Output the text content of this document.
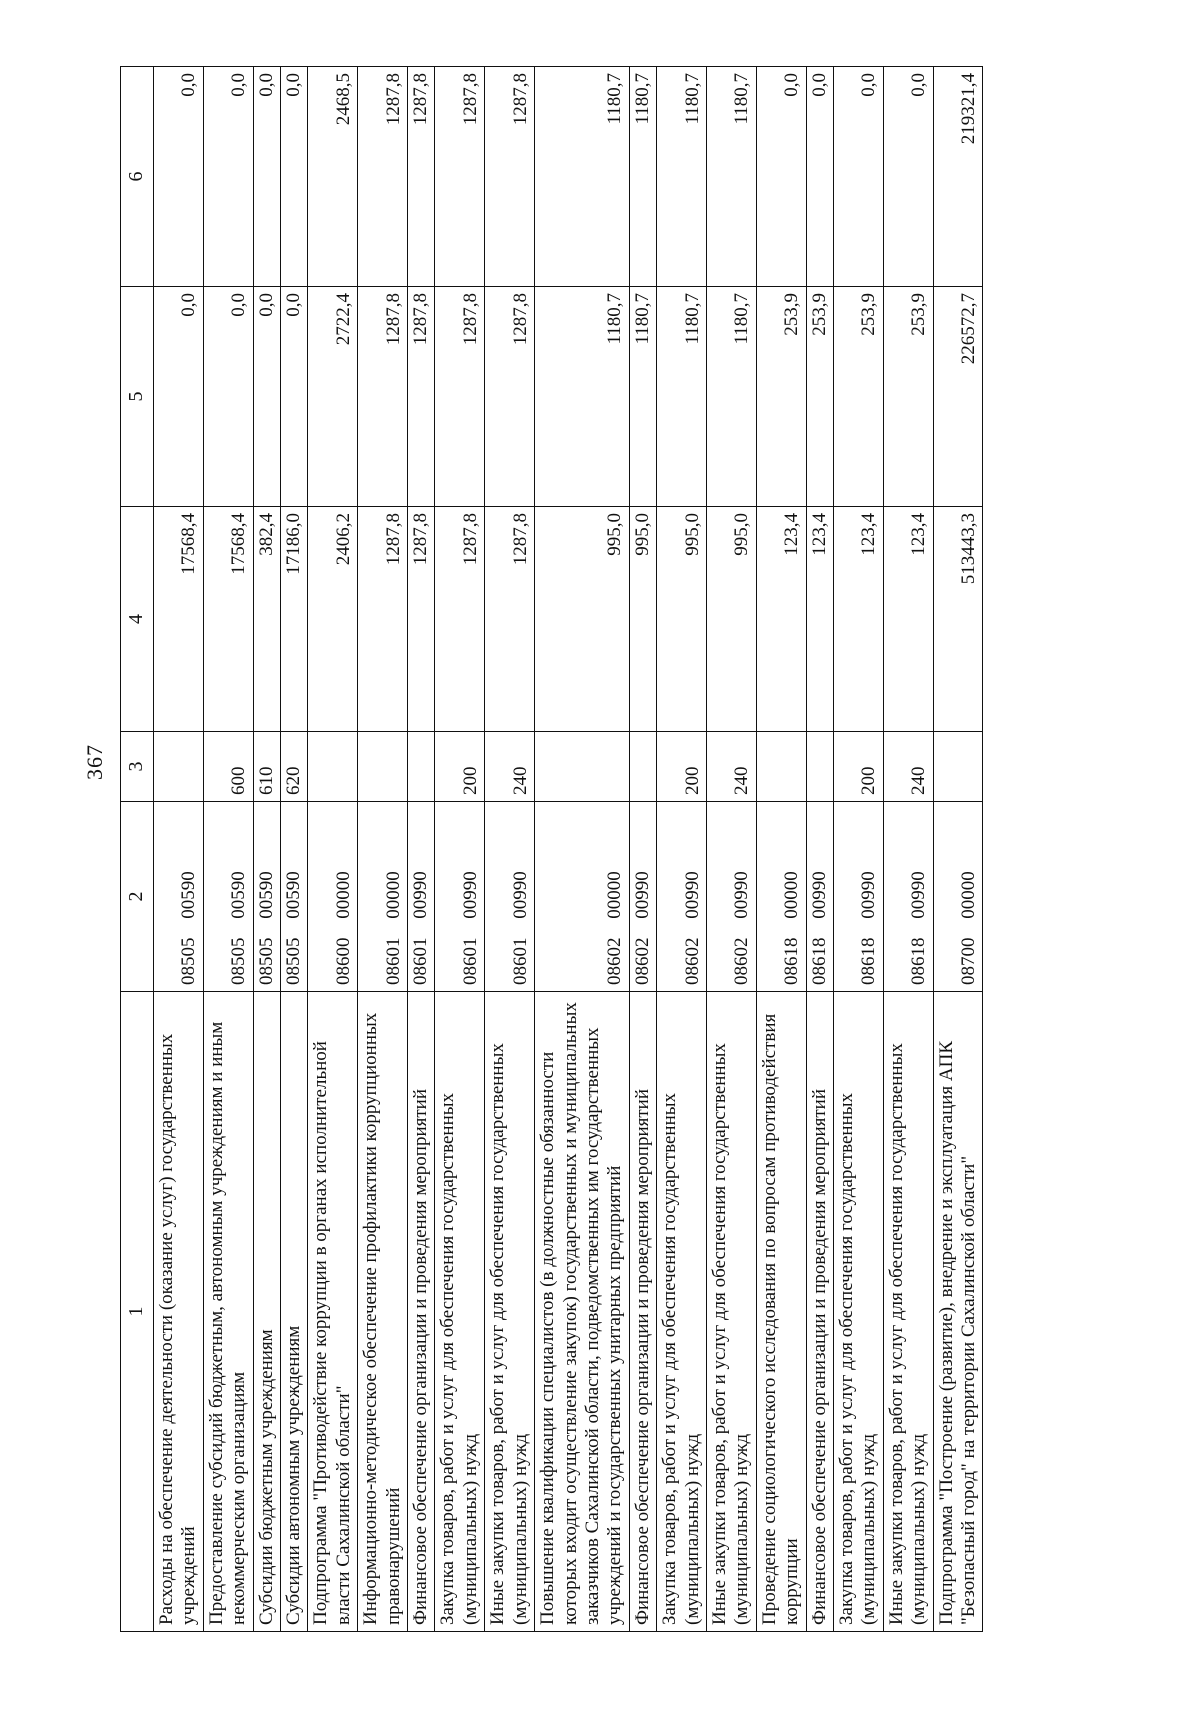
367
1	2	3	4	5	6
Расходы на обеспечение деятельности (оказание услуг) государственных учреждений	08505 00590		17568,4	0,0	0,0
Предоставление субсидий бюджетным, автономным учреждениям и иным некоммерческим организациям	08505 00590	600	17568,4	0,0	0,0
Субсидии бюджетным учреждениям	08505 00590	610	382,4	0,0	0,0
Субсидии автономным учреждениям	08505 00590	620	17186,0	0,0	0,0
Подпрограмма "Противодействие коррупции в органах исполнительной власти Сахалинской области"	08600 00000		2406,2	2722,4	2468,5
Информационно-методическое обеспечение профилактики коррупционных правонарушений	08601 00000		1287,8	1287,8	1287,8
Финансовое обеспечение организации и проведения мероприятий	08601 00990		1287,8	1287,8	1287,8
Закупка товаров, работ и услуг для обеспечения государственных (муниципальных) нужд	08601 00990	200	1287,8	1287,8	1287,8
Иные закупки товаров, работ и услуг для обеспечения государственных (муниципальных) нужд	08601 00990	240	1287,8	1287,8	1287,8
Повышение квалификации специалистов (в должностные обязанности которых входит осуществление закупок) государственных и муниципальных заказчиков Сахалинской области, подведомственных им государственных учреждений и государственных унитарных предприятий	08602 00000		995,0	1180,7	1180,7
Финансовое обеспечение организации и проведения мероприятий	08602 00990		995,0	1180,7	1180,7
Закупка товаров, работ и услуг для обеспечения государственных (муниципальных) нужд	08602 00990	200	995,0	1180,7	1180,7
Иные закупки товаров, работ и услуг для обеспечения государственных (муниципальных) нужд	08602 00990	240	995,0	1180,7	1180,7
Проведение социологического исследования по вопросам противодействия коррупции	08618 00000		123,4	253,9	0,0
Финансовое обеспечение организации и проведения мероприятий	08618 00990		123,4	253,9	0,0
Закупка товаров, работ и услуг для обеспечения государственных (муниципальных) нужд	08618 00990	200	123,4	253,9	0,0
Иные закупки товаров, работ и услуг для обеспечения государственных (муниципальных) нужд	08618 00990	240	123,4	253,9	0,0
Подпрограмма "Построение (развитие), внедрение и эксплуатация АПК "Безопасный город" на территории Сахалинской области"	08700 00000		513443,3	226572,7	219321,4
